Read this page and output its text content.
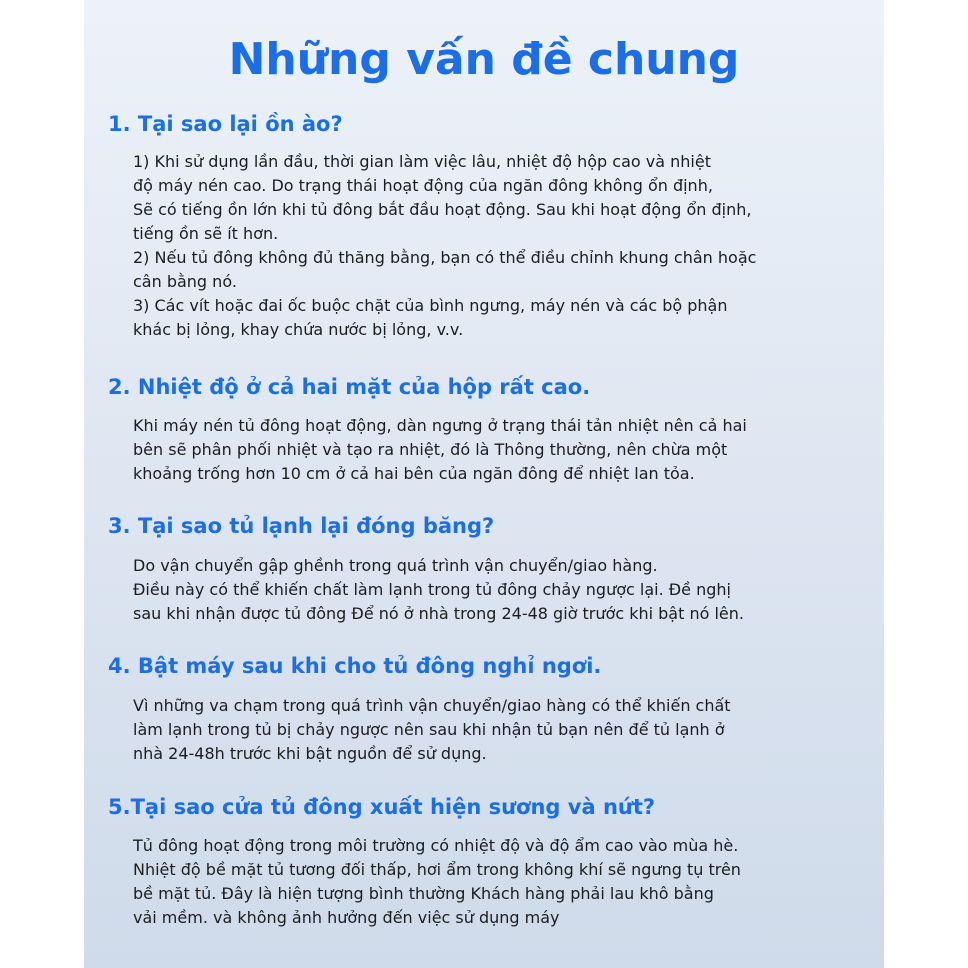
Những vấn đề chung
1. Tại sao lại ồn ào?
1) Khi sử dụng lần đầu, thời gian làm việc lâu, nhiệt độ hộp cao và nhiệt
độ máy nén cao. Do trạng thái hoạt động của ngăn đông không ổn định,
Sẽ có tiếng ồn lớn khi tủ đông bắt đầu hoạt động. Sau khi hoạt động ổn định,
tiếng ồn sẽ ít hơn.
2) Nếu tủ đông không đủ thăng bằng, bạn có thể điều chỉnh khung chân hoặc
cân bằng nó.
3) Các vít hoặc đai ốc buộc chặt của bình ngưng, máy nén và các bộ phận
khác bị lỏng, khay chứa nước bị lỏng, v.v.
2. Nhiệt độ ở cả hai mặt của hộp rất cao.
Khi máy nén tủ đông hoạt động, dàn ngưng ở trạng thái tản nhiệt nên cả hai
bên sẽ phân phối nhiệt và tạo ra nhiệt, đó là Thông thường, nên chừa một
khoảng trống hơn 10 cm ở cả hai bên của ngăn đông để nhiệt lan tỏa.
3. Tại sao tủ lạnh lại đóng băng?
Do vận chuyển gập ghềnh trong quá trình vận chuyển/giao hàng.
Điều này có thể khiến chất làm lạnh trong tủ đông chảy ngược lại. Đề nghị
sau khi nhận được tủ đông Để nó ở nhà trong 24-48 giờ trước khi bật nó lên.
4. Bật máy sau khi cho tủ đông nghỉ ngơi.
Vì những va chạm trong quá trình vận chuyển/giao hàng có thể khiến chất
làm lạnh trong tủ bị chảy ngược nên sau khi nhận tủ bạn nên để tủ lạnh ở
nhà 24-48h trước khi bật nguồn để sử dụng.
5.Tại sao cửa tủ đông xuất hiện sương và nứt?
Tủ đông hoạt động trong môi trường có nhiệt độ và độ ẩm cao vào mùa hè.
Nhiệt độ bề mặt tủ tương đối thấp, hơi ẩm trong không khí sẽ ngưng tụ trên
bề mặt tủ. Đây là hiện tượng bình thường Khách hàng phải lau khô bằng
vải mềm. và không ảnh hưởng đến việc sử dụng máy
